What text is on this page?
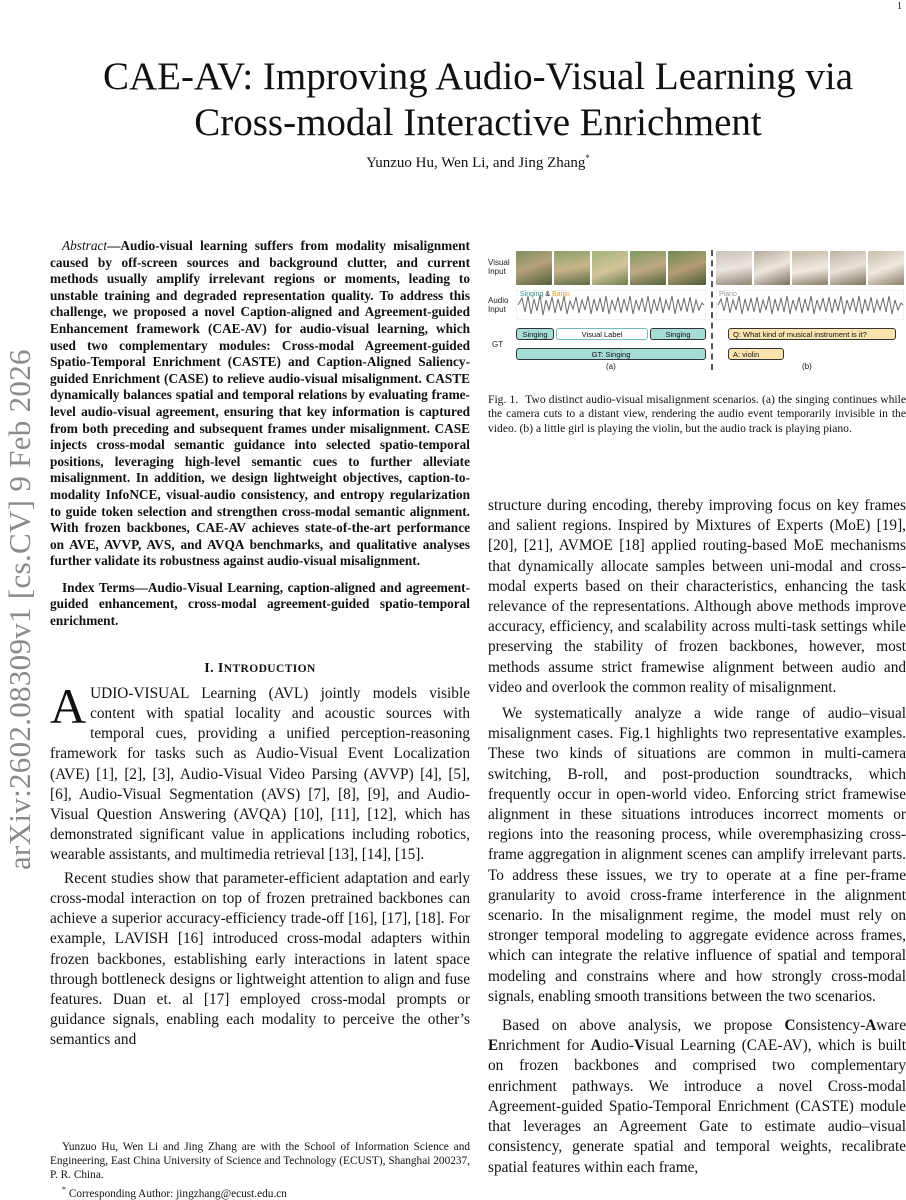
1
arXiv:2602.08309v1 [cs.CV] 9 Feb 2026
CAE-AV: Improving Audio-Visual Learning via Cross-modal Interactive Enrichment
Yunzuo Hu, Wen Li, and Jing Zhang*

Abstract—Audio-visual learning suffers from modality misalignment caused by off-screen sources and background clutter, and current methods usually amplify irrelevant regions or moments, leading to unstable training and degraded representation quality. To address this challenge, we proposed a novel Caption-aligned and Agreement-guided Enhancement framework (CAE-AV) for audio-visual learning, which used two complementary modules: Cross-modal Agreement-guided Spatio-Temporal Enrichment (CASTE) and Caption-Aligned Saliency-guided Enrichment (CASE) to relieve audio-visual misalignment. CASTE dynamically balances spatial and temporal relations by evaluating frame-level audio-visual agreement, ensuring that key information is captured from both preceding and subsequent frames under misalignment. CASE injects cross-modal semantic guidance into selected spatio-temporal positions, leveraging high-level semantic cues to further alleviate misalignment. In addition, we design lightweight objectives, caption-to-modality InfoNCE, visual-audio consistency, and entropy regularization to guide token selection and strengthen cross-modal semantic alignment. With frozen backbones, CAE-AV achieves state-of-the-art performance on AVE, AVVP, AVS, and AVQA benchmarks, and qualitative analyses further validate its robustness against audio-visual misalignment.

Index Terms—Audio-Visual Learning, caption-aligned and agreement-guided enhancement, cross-modal agreement-guided spatio-temporal enrichment.

I. INTRODUCTION

AUDIO-VISUAL Learning (AVL) jointly models visible content with spatial locality and acoustic sources with temporal cues, providing a unified perception-reasoning framework for tasks such as Audio-Visual Event Localization (AVE) [1], [2], [3], Audio-Visual Video Parsing (AVVP) [4], [5], [6], Audio-Visual Segmentation (AVS) [7], [8], [9], and Audio-Visual Question Answering (AVQA) [10], [11], [12], which has demonstrated significant value in applications including robotics, wearable assistants, and multimedia retrieval [13], [14], [15].

Recent studies show that parameter-efficient adaptation and early cross-modal interaction on top of frozen pretrained backbones can achieve a superior accuracy-efficiency trade-off [16], [17], [18]. For example, LAVISH [16] introduced cross-modal adapters within frozen backbones, establishing early interactions in latent space through bottleneck designs or lightweight attention to align and fuse features. Duan et. al [17] employed cross-modal prompts or guidance signals, enabling each modality to perceive the other’s semantics and

Yunzuo Hu, Wen Li and Jing Zhang are with the School of Information Science and Engineering, East China University of Science and Technology (ECUST), Shanghai 200237, P. R. China.

* Corresponding Author: jingzhang@ecust.edu.cn

Visual
Input
Audio
Input
GT
Singing & Banjo	Piano
Singing	Visual Label	Singing
GT: Singing
Q: What kind of musical instrument is it?
A: violin
(a)	(b)

Fig. 1. Two distinct audio-visual misalignment scenarios. (a) the singing continues while the camera cuts to a distant view, rendering the audio event temporarily invisible in the video. (b) a little girl is playing the violin, but the audio track is playing piano.

structure during encoding, thereby improving focus on key frames and salient regions. Inspired by Mixtures of Experts (MoE) [19], [20], [21], AVMOE [18] applied routing-based MoE mechanisms that dynamically allocate samples between uni-modal and cross-modal experts based on their characteristics, enhancing the task relevance of the representations. Although above methods improve accuracy, efficiency, and scalability across multi-task settings while preserving the stability of frozen backbones, however, most methods assume strict framewise alignment between audio and video and overlook the common reality of misalignment.

We systematically analyze a wide range of audio–visual misalignment cases. Fig.1 highlights two representative examples. These two kinds of situations are common in multi-camera switching, B-roll, and post-production soundtracks, which frequently occur in open-world video. Enforcing strict framewise alignment in these situations introduces incorrect moments or regions into the reasoning process, while overemphasizing cross-frame aggregation in alignment scenes can amplify irrelevant parts. To address these issues, we try to operate at a fine per-frame granularity to avoid cross-frame interference in the alignment scenario. In the misalignment regime, the model must rely on stronger temporal modeling to aggregate evidence across frames, which can integrate the relative influence of spatial and temporal modeling and constrains where and how strongly cross-modal signals, enabling smooth transitions between the two scenarios.

Based on above analysis, we propose Consistency-Aware Enrichment for Audio-Visual Learning (CAE-AV), which is built on frozen backbones and comprised two complementary enrichment pathways. We introduce a novel Cross-modal Agreement-guided Spatio-Temporal Enrichment (CASTE) module that leverages an Agreement Gate to estimate audio–visual consistency, generate spatial and temporal weights, recalibrate spatial features within each frame,
